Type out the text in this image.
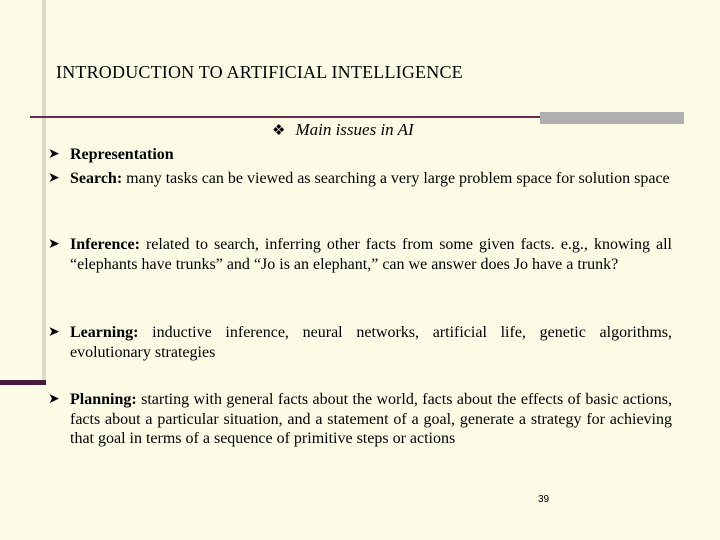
INTRODUCTION TO ARTIFICIAL INTELLIGENCE
❖ Main issues in AI
➤ Representation
➤ Search: many tasks can be viewed as searching a very large problem space for solution space
➤ Inference: related to search, inferring other facts from some given facts. e.g., knowing all “elephants have trunks” and “Jo is an elephant,” can we answer does Jo have a trunk?
➤ Learning: inductive inference, neural networks, artificial life, genetic algorithms, evolutionary strategies
➤ Planning: starting with general facts about the world, facts about the effects of basic actions, facts about a particular situation, and a statement of a goal, generate a strategy for achieving that goal in terms of a sequence of primitive steps or actions
39
